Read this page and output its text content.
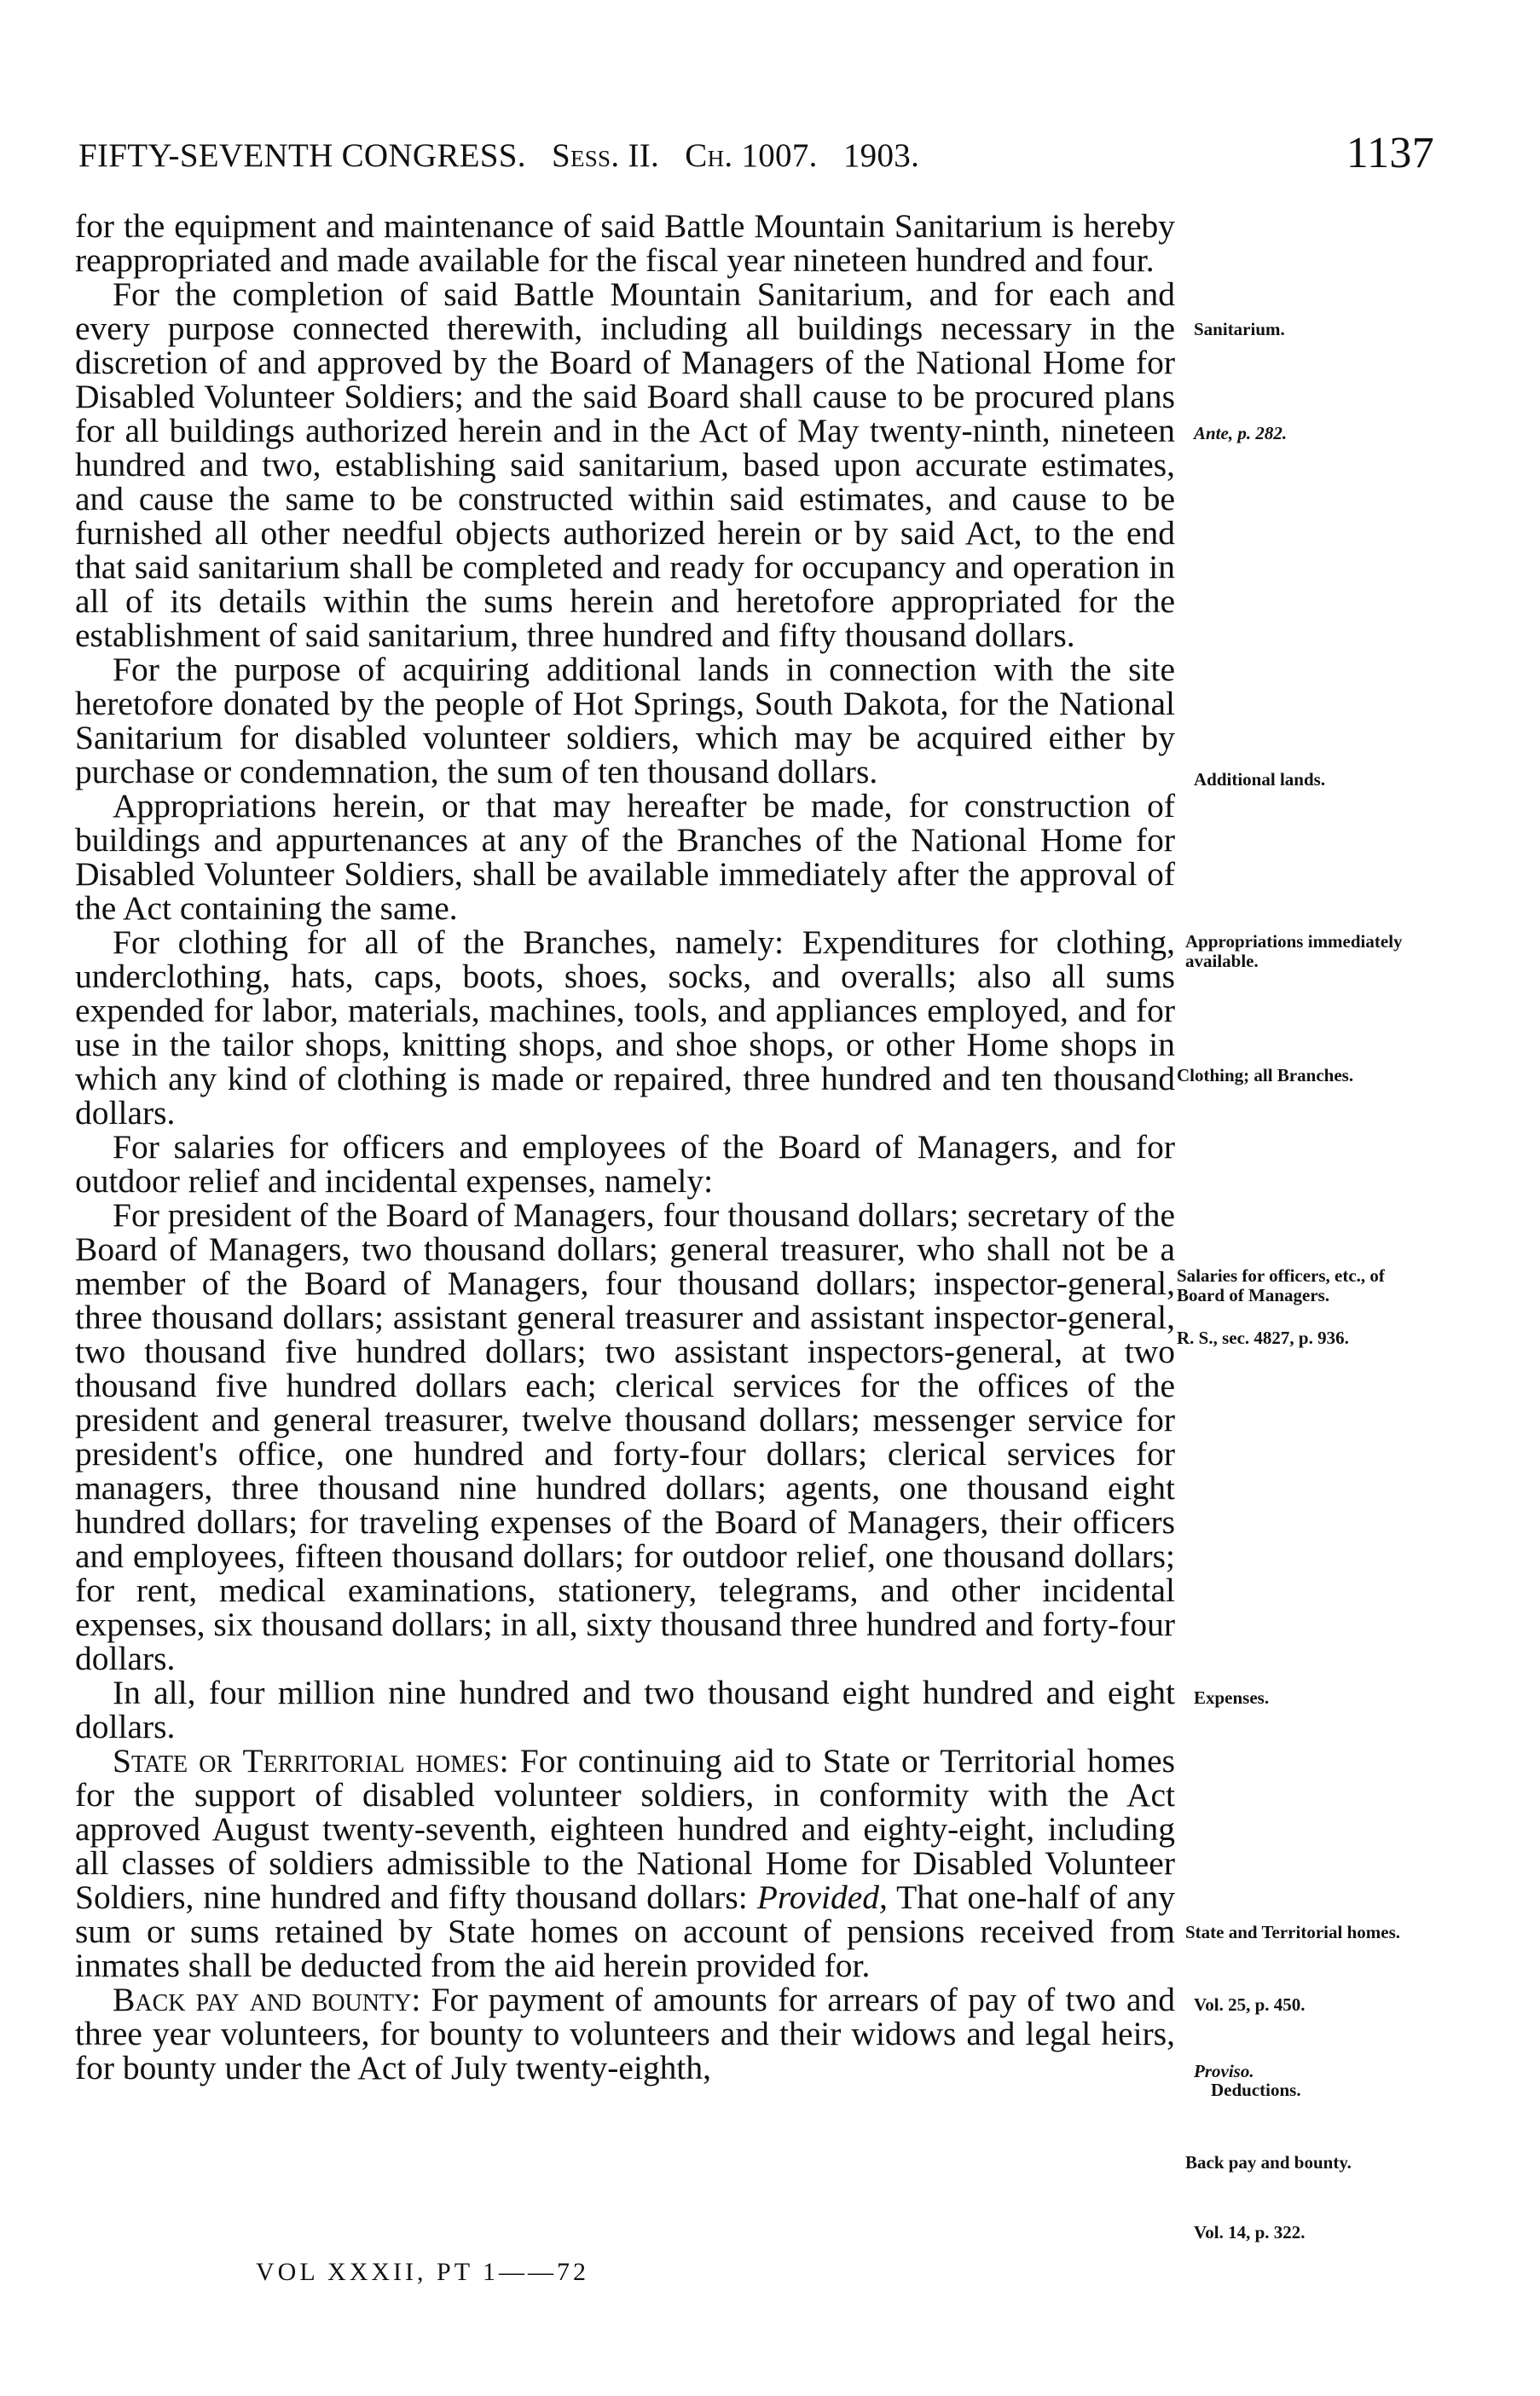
FIFTY-SEVENTH CONGRESS. Sess. II. Ch. 1007. 1903.	1137

for the equipment and maintenance of said Battle Mountain Sanitarium is hereby reappropriated and made available for the fiscal year nineteen hundred and four.

For the completion of said Battle Mountain Sanitarium, and for each and every purpose connected therewith, including all buildings necessary in the discretion of and approved by the Board of Managers of the National Home for Disabled Volunteer Soldiers; and the said Board shall cause to be procured plans for all buildings authorized herein and in the Act of May twenty-ninth, nineteen hundred and two, establishing said sanitarium, based upon accurate estimates, and cause the same to be constructed within said estimates, and cause to be furnished all other needful objects authorized herein or by said Act, to the end that said sanitarium shall be completed and ready for occupancy and operation in all of its details within the sums herein and heretofore appropriated for the establishment of said sanitarium, three hundred and fifty thousand dollars.

For the purpose of acquiring additional lands in connection with the site heretofore donated by the people of Hot Springs, South Dakota, for the National Sanitarium for disabled volunteer soldiers, which may be acquired either by purchase or condemnation, the sum of ten thousand dollars.

Appropriations herein, or that may hereafter be made, for construction of buildings and appurtenances at any of the Branches of the National Home for Disabled Volunteer Soldiers, shall be available immediately after the approval of the Act containing the same.

For clothing for all of the Branches, namely: Expenditures for clothing, underclothing, hats, caps, boots, shoes, socks, and overalls; also all sums expended for labor, materials, machines, tools, and appliances employed, and for use in the tailor shops, knitting shops, and shoe shops, or other Home shops in which any kind of clothing is made or repaired, three hundred and ten thousand dollars.

For salaries for officers and employees of the Board of Managers, and for outdoor relief and incidental expenses, namely:

For president of the Board of Managers, four thousand dollars; secretary of the Board of Managers, two thousand dollars; general treasurer, who shall not be a member of the Board of Managers, four thousand dollars; inspector-general, three thousand dollars; assistant general treasurer and assistant inspector-general, two thousand five hundred dollars; two assistant inspectors-general, at two thousand five hundred dollars each; clerical services for the offices of the president and general treasurer, twelve thousand dollars; messenger service for president's office, one hundred and forty-four dollars; clerical services for managers, three thousand nine hundred dollars; agents, one thousand eight hundred dollars; for traveling expenses of the Board of Managers, their officers and employees, fifteen thousand dollars; for outdoor relief, one thousand dollars; for rent, medical examinations, stationery, telegrams, and other incidental expenses, six thousand dollars; in all, sixty thousand three hundred and forty-four dollars.

In all, four million nine hundred and two thousand eight hundred and eight dollars.

State or Territorial homes: For continuing aid to State or Territorial homes for the support of disabled volunteer soldiers, in conformity with the Act approved August twenty-seventh, eighteen hundred and eighty-eight, including all classes of soldiers admissible to the National Home for Disabled Volunteer Soldiers, nine hundred and fifty thousand dollars: Provided, That one-half of any sum or sums retained by State homes on account of pensions received from inmates shall be deducted from the aid herein provided for.

Back pay and bounty: For payment of amounts for arrears of pay of two and three year volunteers, for bounty to volunteers and their widows and legal heirs, for bounty under the Act of July twenty-eighth,

Sanitarium.
Ante, p. 282.
Additional lands.
Appropriations immediately available.
Clothing; all Branches.
Salaries for officers, etc., of Board of Managers.
R. S., sec. 4827, p. 936.
Expenses.
State and Territorial homes.
Vol. 25, p. 450.
Proviso.
Deductions.
Back pay and bounty.
Vol. 14, p. 322.
VOL XXXII, PT 1——72
